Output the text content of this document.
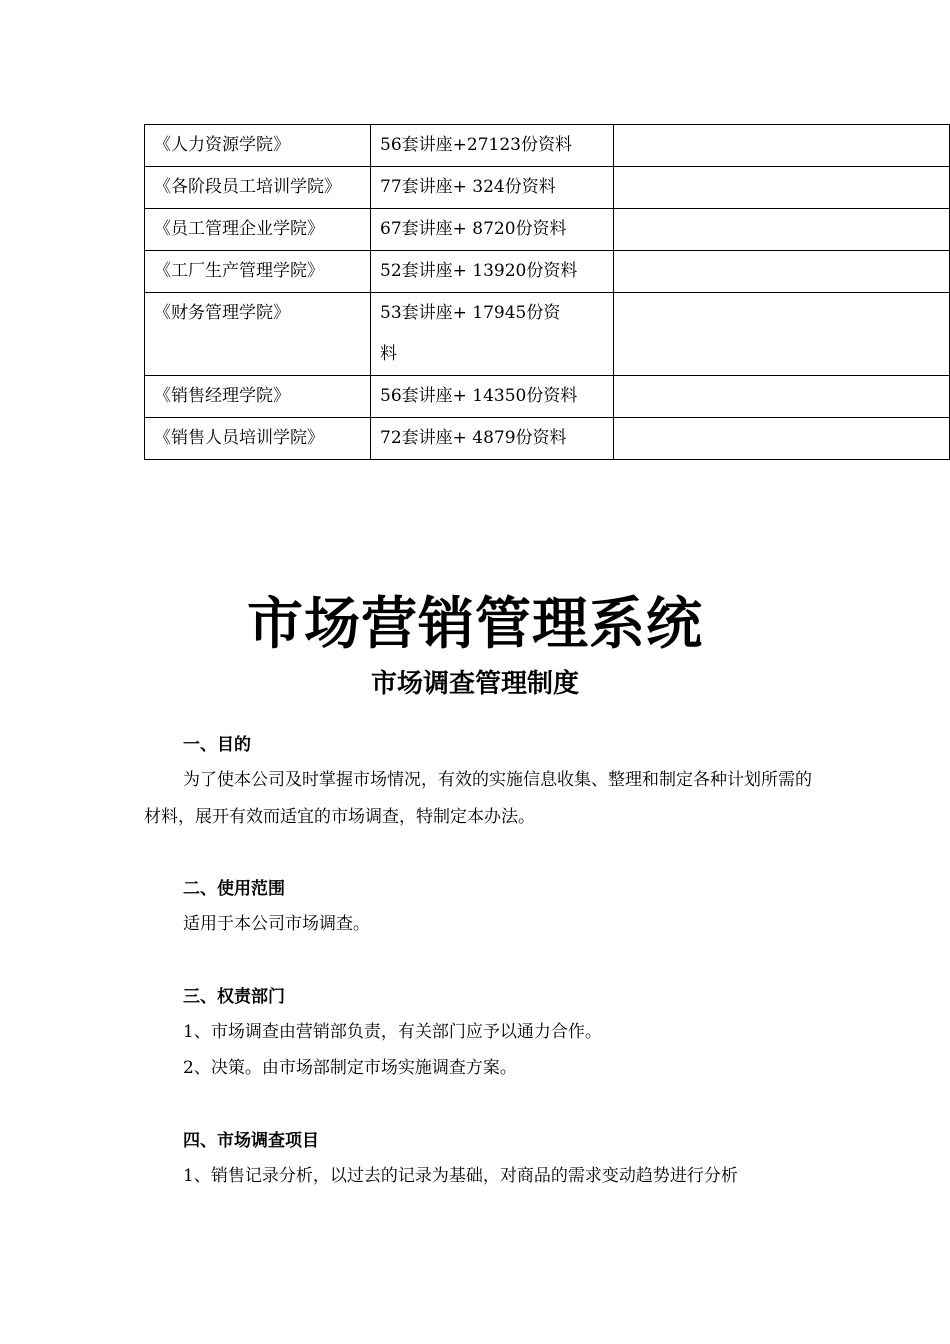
《人力资源学院》	56套讲座+27123份资料	
《各阶段员工培训学院》	77套讲座+ 324份资料	
《员工管理企业学院》	67套讲座+ 8720份资料	
《工厂生产管理学院》	52套讲座+ 13920份资料	
《财务管理学院》	53套讲座+ 17945份资料	
《销售经理学院》	56套讲座+ 14350份资料	
《销售人员培训学院》	72套讲座+ 4879份资料	
市场营销管理系统
市场调查管理制度
一、目的
为了使本公司及时掌握市场情况，有效的实施信息收集、整理和制定各种计划所需的材料，展开有效而适宜的市场调查，特制定本办法。
二、使用范围
适用于本公司市场调查。
三、权责部门
1、市场调查由营销部负责，有关部门应予以通力合作。
2、决策。由市场部制定市场实施调查方案。
四、市场调查项目
1、销售记录分析，以过去的记录为基础，对商品的需求变动趋势进行分析
